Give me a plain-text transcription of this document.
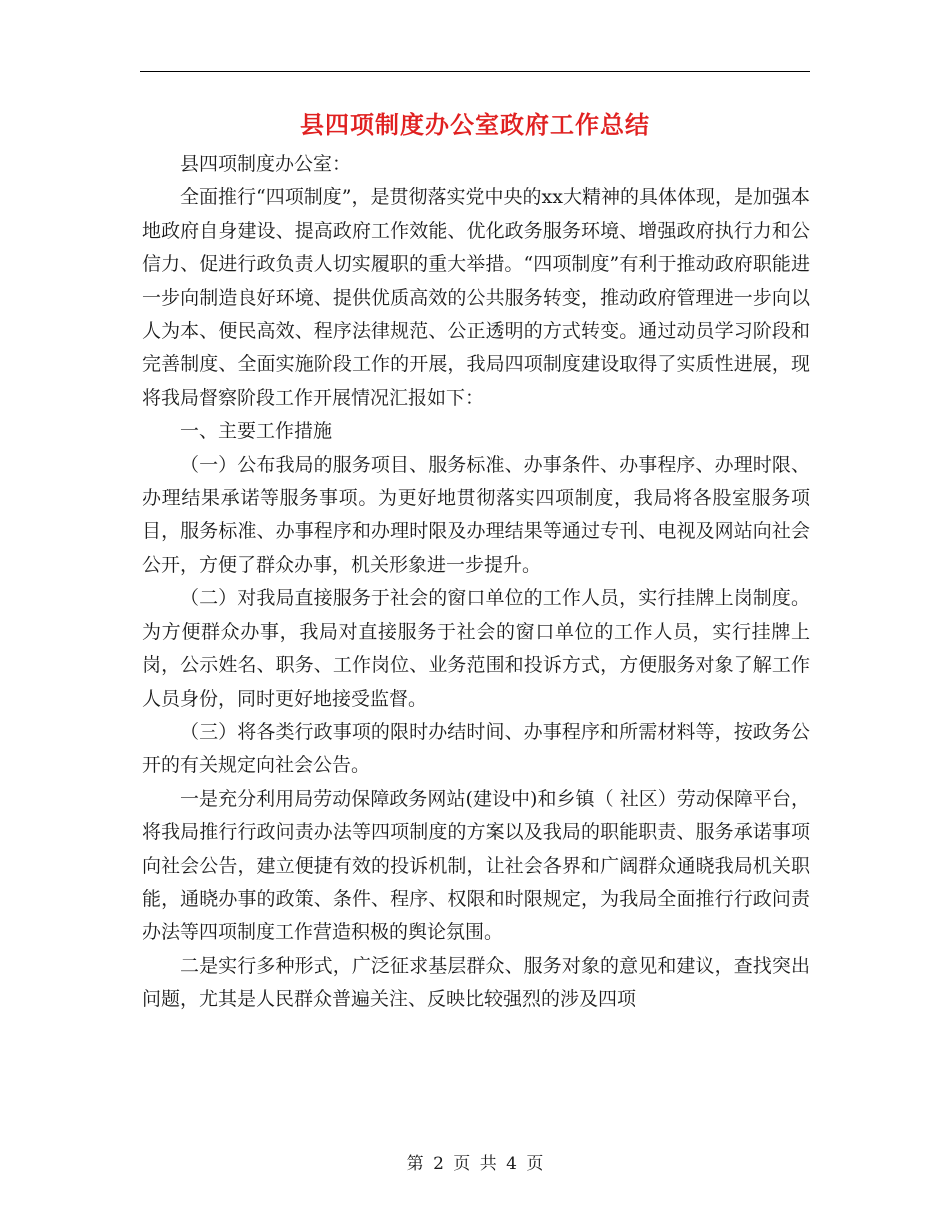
县四项制度办公室政府工作总结

县四项制度办公室：

全面推行“四项制度”，是贯彻落实党中央的xx大精神的具体体现，是加强本地政府自身建设、提高政府工作效能、优化政务服务环境、增强政府执行力和公信力、促进行政负责人切实履职的重大举措。“四项制度”有利于推动政府职能进一步向制造良好环境、提供优质高效的公共服务转变，推动政府管理进一步向以人为本、便民高效、程序法律规范、公正透明的方式转变。通过动员学习阶段和完善制度、全面实施阶段工作的开展，我局四项制度建设取得了实质性进展，现将我局督察阶段工作开展情况汇报如下：

一、主要工作措施

（一）公布我局的服务项目、服务标准、办事条件、办事程序、办理时限、办理结果承诺等服务事项。为更好地贯彻落实四项制度，我局将各股室服务项目，服务标准、办事程序和办理时限及办理结果等通过专刊、电视及网站向社会公开，方便了群众办事，机关形象进一步提升。

（二）对我局直接服务于社会的窗口单位的工作人员，实行挂牌上岗制度。为方便群众办事，我局对直接服务于社会的窗口单位的工作人员，实行挂牌上岗，公示姓名、职务、工作岗位、业务范围和投诉方式，方便服务对象了解工作人员身份，同时更好地接受监督。

（三）将各类行政事项的限时办结时间、办事程序和所需材料等，按政务公开的有关规定向社会公告。

一是充分利用局劳动保障政务网站(建设中)和乡镇（ 社区）劳动保障平台，将我局推行行政问责办法等四项制度的方案以及我局的职能职责、服务承诺事项向社会公告，建立便捷有效的投诉机制，让社会各界和广阔群众通晓我局机关职能，通晓办事的政策、条件、程序、权限和时限规定，为我局全面推行行政问责办法等四项制度工作营造积极的舆论氛围。

二是实行多种形式，广泛征求基层群众、服务对象的意见和建议，查找突出问题，尤其是人民群众普遍关注、反映比较强烈的涉及四项

第 2 页 共 4 页
